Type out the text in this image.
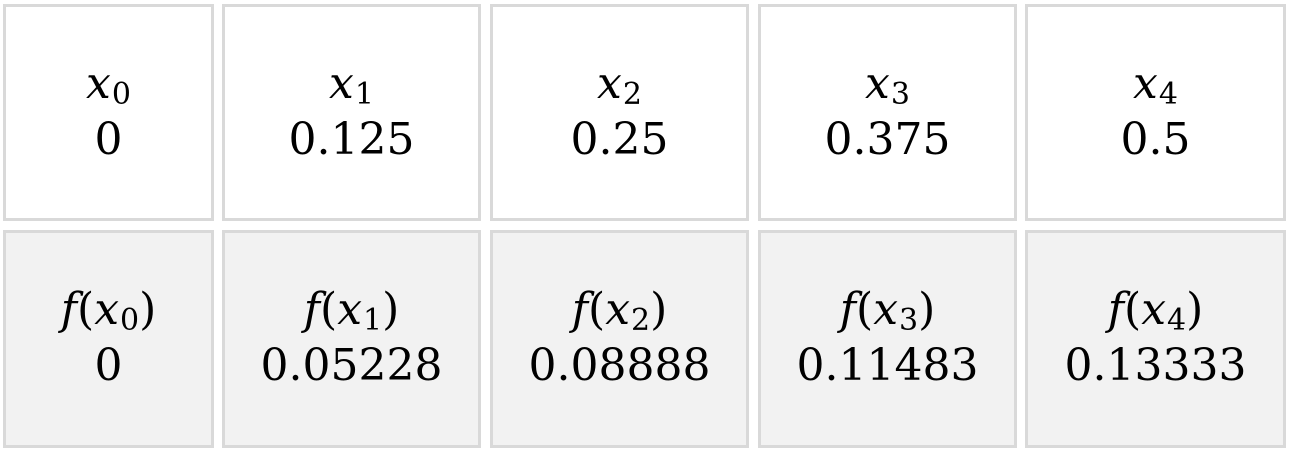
$x_0$
0
$x_1$
0.125
$x_2$
0.25
$x_3$
0.375
$x_4$
0.5
$f(x_0)$
0
$f(x_1)$
0.05228
$f(x_2)$
0.08888
$f(x_3)$
0.11483
$f(x_4)$
0.13333
